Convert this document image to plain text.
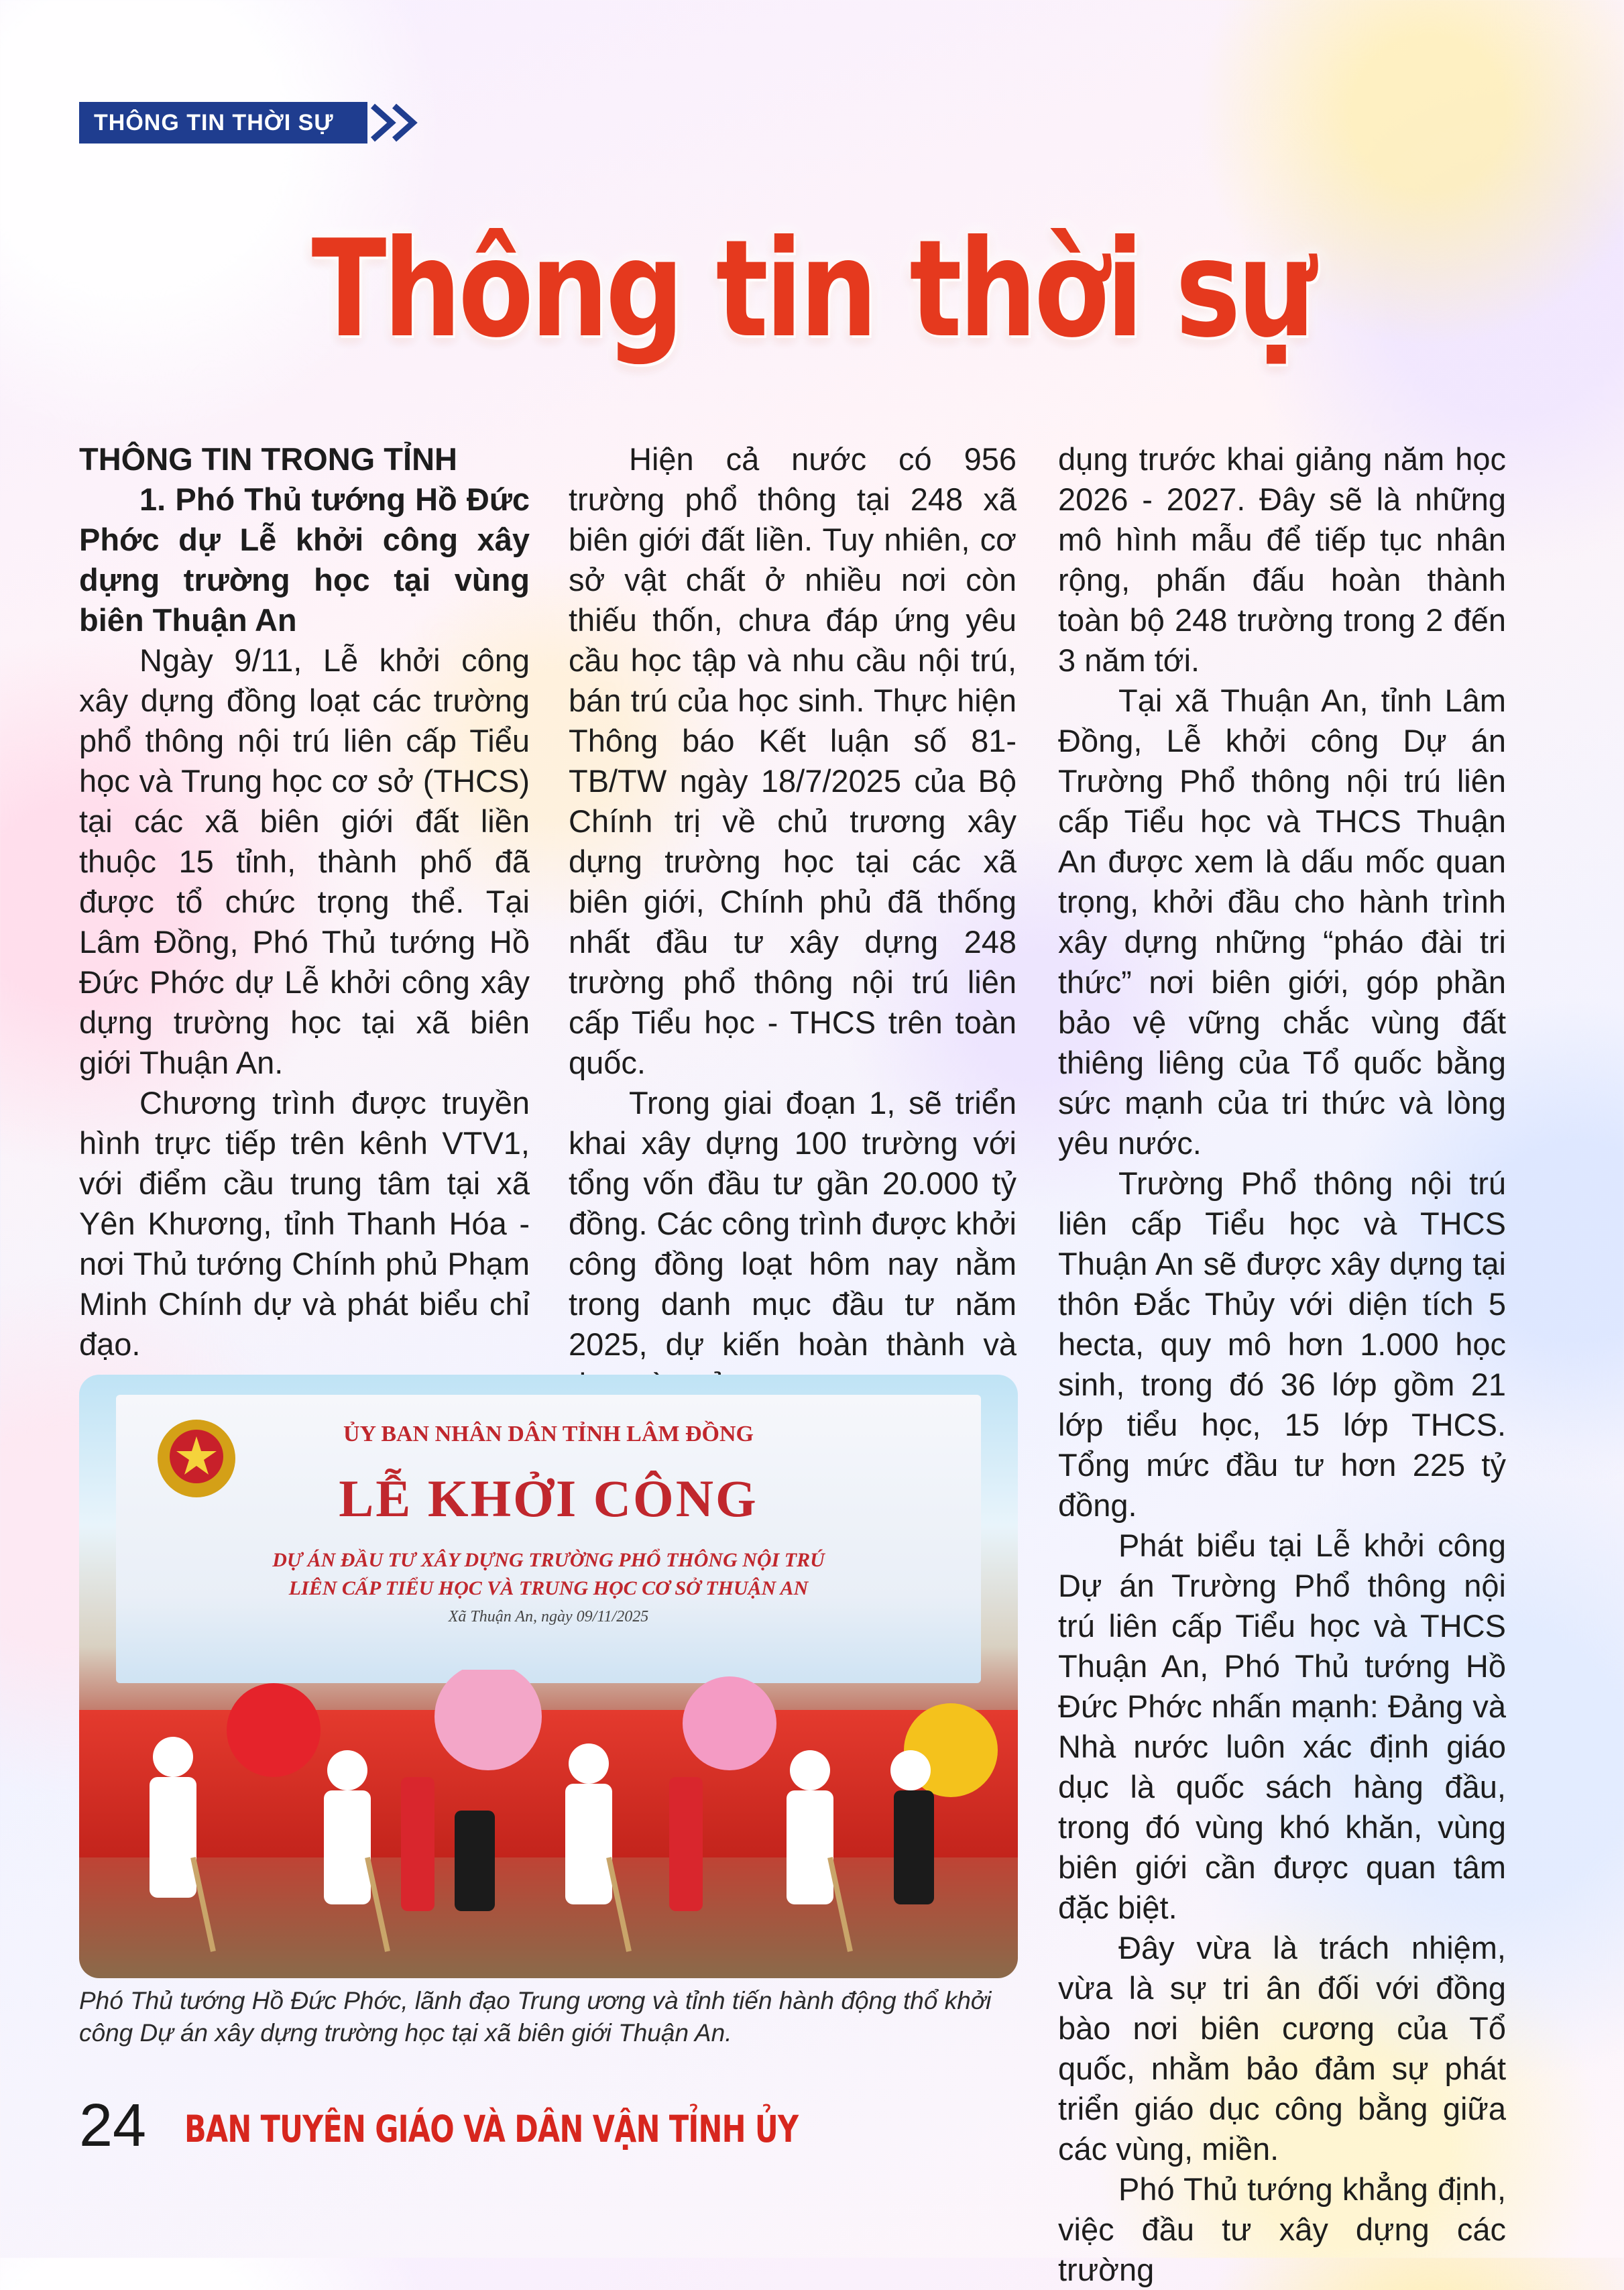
THÔNG TIN THỜI SỰ
Thông tin thời sự

THÔNG TIN TRONG TỈNH

1. Phó Thủ tướng Hồ Đức Phớc dự Lễ khởi công xây dựng trường học tại vùng biên Thuận An

Ngày 9/11, Lễ khởi công xây dựng đồng loạt các trường phổ thông nội trú liên cấp Tiểu học và Trung học cơ sở (THCS) tại các xã biên giới đất liền thuộc 15 tỉnh, thành phố đã được tổ chức trọng thể. Tại Lâm Đồng, Phó Thủ tướng Hồ Đức Phớc dự Lễ khởi công xây dựng trường học tại xã biên giới Thuận An.

Chương trình được truyền hình trực tiếp trên kênh VTV1, với điểm cầu trung tâm tại xã Yên Khương, tỉnh Thanh Hóa - nơi Thủ tướng Chính phủ Phạm Minh Chính dự và phát biểu chỉ đạo.

Hiện cả nước có 956 trường phổ thông tại 248 xã biên giới đất liền. Tuy nhiên, cơ sở vật chất ở nhiều nơi còn thiếu thốn, chưa đáp ứng yêu cầu học tập và nhu cầu nội trú, bán trú của học sinh. Thực hiện Thông báo Kết luận số 81-TB/TW ngày 18/7/2025 của Bộ Chính trị về chủ trương xây dựng trường học tại các xã biên giới, Chính phủ đã thống nhất đầu tư xây dựng 248 trường phổ thông nội trú liên cấp Tiểu học - THCS trên toàn quốc.

Trong giai đoạn 1, sẽ triển khai xây dựng 100 trường với tổng vốn đầu tư gần 20.000 tỷ đồng. Các công trình được khởi công đồng loạt hôm nay nằm trong danh mục đầu tư năm 2025, dự kiến hoàn thành và

dụng trước khai giảng năm học 2026 - 2027. Đây sẽ là những mô hình mẫu để tiếp tục nhân rộng, phấn đấu hoàn thành toàn bộ 248 trường trong 2 đến 3 năm tới.

Tại xã Thuận An, tỉnh Lâm Đồng, Lễ khởi công Dự án Trường Phổ thông nội trú liên cấp Tiểu học và THCS Thuận An được xem là dấu mốc quan trọng, khởi đầu cho hành trình xây dựng những “pháo đài tri thức” nơi biên giới, góp phần bảo vệ vững chắc vùng đất thiêng liêng của Tổ quốc bằng sức mạnh của tri thức và lòng yêu nước.

Trường Phổ thông nội trú liên cấp Tiểu học và THCS Thuận An sẽ được xây dựng tại thôn Đắc Thủy với diện tích 5 hecta, quy mô hơn 1.000 học sinh, trong đó 36 lớp gồm 21 lớp tiểu học, 15 lớp THCS. Tổng mức đầu tư hơn 225 tỷ đồng.

Phát biểu tại Lễ khởi công Dự án Trường Phổ thông nội trú liên cấp Tiểu học và THCS Thuận An, Phó Thủ tướng Hồ Đức Phớc nhấn mạnh: Đảng và Nhà nước luôn xác định giáo dục là quốc sách hàng đầu, trong đó vùng khó khăn, vùng biên giới cần được quan tâm đặc biệt.

Đây vừa là trách nhiệm, vừa là sự tri ân đối với đồng bào nơi biên cương của Tổ quốc, nhằm bảo đảm sự phát triển giáo dục công bằng giữa các vùng, miền.

Phó Thủ tướng khẳng định, việc đầu tư xây dựng các trường

ỦY BAN NHÂN DÂN TỈNH LÂM ĐỒNG
LỄ KHỞI CÔNG
DỰ ÁN ĐẦU TƯ XÂY DỰNG TRƯỜNG PHỔ THÔNG NỘI TRÚ
LIÊN CẤP TIỂU HỌC VÀ TRUNG HỌC CƠ SỞ THUẬN AN
Xã Thuận An, ngày 09/11/2025
Phó Thủ tướng Hồ Đức Phớc, lãnh đạo Trung ương và tỉnh tiến hành động thổ khởi công Dự án xây dựng trường học tại xã biên giới Thuận An.
24 BAN TUYÊN GIÁO VÀ DÂN VẬN TỈNH ỦY
